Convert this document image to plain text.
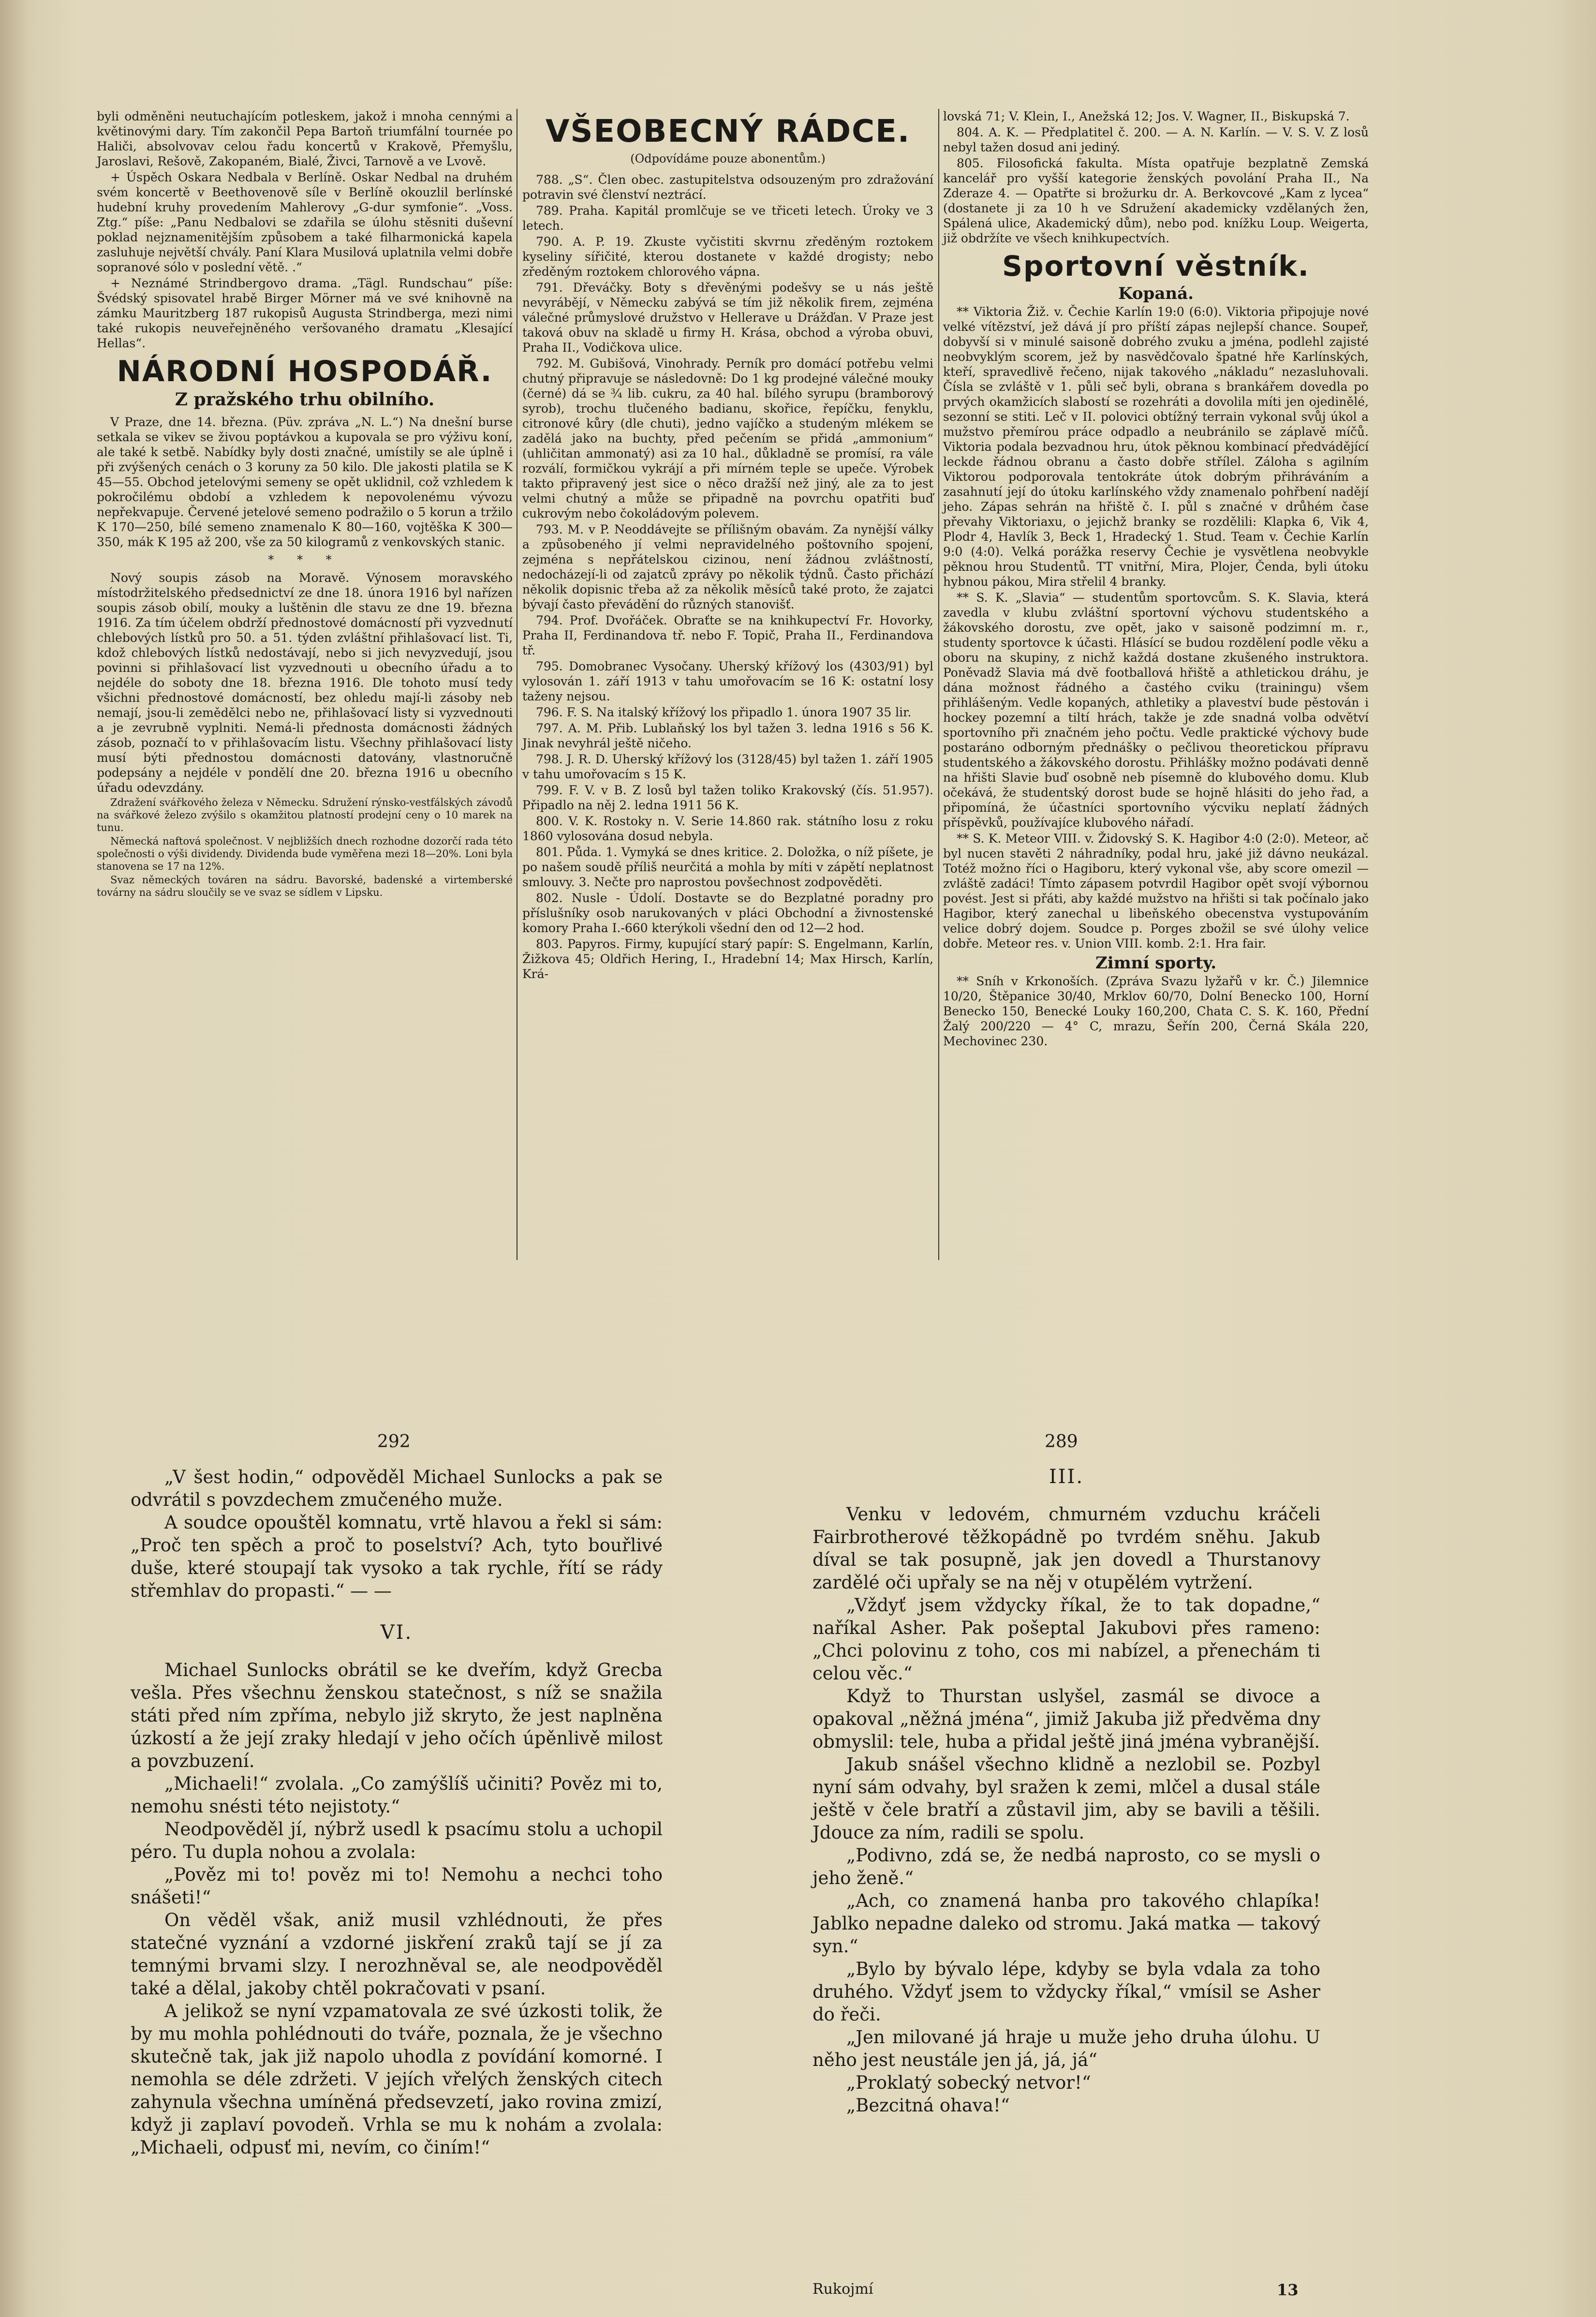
byli odměněni neutuchajícím potleskem, jakož i mnoha cennými a květinovými dary. Tím zakončil Pepa Bartoň triumfální tournée po Haliči, absolvovav celou řadu koncertů v Krakově, Přemyšlu, Jaroslavi, Rešově, Zakopaném, Bialé, Živci, Tarnově a ve Lvově.

+ Úspěch Oskara Nedbala v Berlíně. Oskar Nedbal na druhém svém koncertě v Beethovenově síle v Berlíně okouzlil berlínské hudební kruhy provedením Mahlerovy „G-dur symfonie“. „Voss. Ztg.“ píše: „Panu Nedbalovi se zdařila se úlohu stěsniti duševní poklad nejznamenitějším způsobem a také filharmonická kapela zasluhuje největší chvály. Paní Klara Musilová uplatnila velmi dobře sopranové sólo v poslední větě. .“

+ Neznámé Strindbergovo drama. „Tägl. Rundschau“ píše: Švédský spisovatel hrabě Birger Mörner má ve své knihovně na zámku Mauritzberg 187 rukopisů Augusta Strindberga, mezi nimi také rukopis neuveřejněného veršovaného dramatu „Klesající Hellas“.

NÁRODNÍ HOSPODÁŘ.
Z pražského trhu obilního.

V Praze, dne 14. března. (Püv. zpráva „N. L.“) Na dnešní burse setkala se vikev se živou poptávkou a kupovala se pro výživu koní, ale také k setbě. Nabídky byly dosti značné, umístily se ale úplně i při zvýšených cenách o 3 koruny za 50 kilo. Dle jakosti platila se K 45—55. Obchod jetelovými semeny se opět uklidnil, což vzhledem k pokročilému období a vzhledem k nepovolenému vývozu nepřekvapuje. Červené jetelové semeno podražilo o 5 korun a tržilo K 170—250, bílé semeno znamenalo K 80—160, vojtěška K 300—350, mák K 195 až 200, vše za 50 kilogramů z venkovských stanic.

* * *

Nový soupis zásob na Moravě. Výnosem moravského místodržitelského předsednictví ze dne 18. února 1916 byl nařízen soupis zásob obilí, mouky a luštěnin dle stavu ze dne 19. března 1916. Za tím účelem obdrží přednostové domácností při vyzvednutí chlebových lístků pro 50. a 51. týden zvláštní přihlašovací list. Ti, kdož chlebových lístků nedostávají, nebo si jich nevyzvedují, jsou povinni si přihlašovací list vyzvednouti u obecního úřadu a to nejdéle do soboty dne 18. března 1916. Dle tohoto musí tedy všichni přednostové domácností, bez ohledu mají-li zásoby neb nemají, jsou-li zemědělci nebo ne, přihlašovací listy si vyzvednouti a je zevrubně vyplniti. Nemá-li přednosta domácnosti žádných zásob, poznačí to v přihlašovacím listu. Všechny přihlašovací listy musí býti přednostou domácnosti datovány, vlastnoručně podepsány a nejdéle v pondělí dne 20. března 1916 u obecního úřadu odevzdány.

Zdražení svářkového železa v Německu. Sdružení rýnsko-vestfálských závodů na svářkové železo zvýšilo s okamžitou platností prodejní ceny o 10 marek na tunu.

Německá naftová společnost. V nejbližších dnech rozhodne dozorčí rada této společnosti o výši dividendy. Dividenda bude vyměřena mezi 18—20%. Loni byla stanovena se 17 na 12%.

Svaz německých továren na sádru. Bavorské, badenské a virtemberské továrny na sádru sloučily se ve svaz se sídlem v Lipsku.

VŠEOBECNÝ RÁDCE.
(Odpovídáme pouze abonentům.)

788. „S“. Člen obec. zastupitelstva odsouzeným pro zdražování potravin své členství neztrácí.

789. Praha. Kapitál promlčuje se ve třiceti letech. Úroky ve 3 letech.

790. A. P. 19. Zkuste vyčistiti skvrnu zředěným roztokem kyseliny sířičité, kterou dostanete v každé drogisty; nebo zředěným roztokem chlorového vápna.

791. Dřeváčky. Boty s dřevěnými podešvy se u nás ještě nevyrábějí, v Německu zabývá se tím již několik firem, zejména válečné průmyslové družstvo v Hellerave u Drážďan. V Praze jest taková obuv na skladě u firmy H. Krása, obchod a výroba obuvi, Praha II., Vodičkova ulice.

792. M. Gubišová, Vinohrady. Perník pro domácí potřebu velmi chutný připravuje se následovně: Do 1 kg prodejné válečné mouky (černé) dá se ¾ lib. cukru, za 40 hal. bílého syrupu (bramborový syrob), trochu tlučeného badianu, skořice, řepíčku, fenyklu, citronové kůry (dle chuti), jedno vajíčko a studeným mlékem se zadělá jako na buchty, před pečením se přidá „ammonium“ (uhličitan ammonatý) asi za 10 hal., důkladně se promísí, ra vále rozválí, formičkou vykrájí a při mírném teple se upeče. Výrobek takto připravený jest sice o něco dražší než jiný, ale za to jest velmi chutný a může se připadně na povrchu opatřiti buď cukrovým nebo čokoládovým polevem.

793. M. v P. Neoddávejte se přílišným obavám. Za nynější války a způsobeného jí velmi nepravidelného poštovního spojení, zejména s nepřátelskou cizinou, není žádnou zvláštností, nedocházejí-li od zajatců zprávy po několik týdnů. Často přichází několik dopisnic třeba až za několik měsíců také proto, že zajatci bývají často převádění do různých stanovišť.

794. Prof. Dvořáček. Obraťte se na knihkupectví Fr. Hovorky, Praha II, Ferdinandova tř. nebo F. Topič, Praha II., Ferdinandova tř.

795. Domobranec Vysočany. Uherský křížový los (4303/91) byl vylosován 1. září 1913 v tahu umořovacím se 16 K: ostatní losy taženy nejsou.

796. F. S. Na italský křížový los připadlo 1. února 1907 35 lir.

797. A. M. Přib. Lublaňský los byl tažen 3. ledna 1916 s 56 K. Jinak nevyhrál ještě ničeho.

798. J. R. D. Uherský křížový los (3128/45) byl tažen 1. září 1905 v tahu umořovacím s 15 K.

799. F. V. v B. Z losů byl tažen toliko Krakovský (čís. 51.957). Připadlo na něj 2. ledna 1911 56 K.

800. V. K. Rostoky n. V. Serie 14.860 rak. státního losu z roku 1860 vylosována dosud nebyla.

801. Půda. 1. Vymyká se dnes kritice. 2. Doložka, o níž píšete, je po našem soudě příliš neurčitá a mohla by míti v zápětí neplatnost smlouvy. 3. Nečte pro naprostou povšechnost zodpověděti.

802. Nusle - Údolí. Dostavte se do Bezplatné poradny pro příslušníky osob narukovaných v pláci Obchodní a živnostenské komory Praha I.-660 kterýkoli všední den od 12—2 hod.

803. Papyros. Firmy, kupující starý papír: S. Engelmann, Karlín, Žižkova 45; Oldřich Hering, I., Hradební 14; Max Hirsch, Karlín, Krá-

lovská 71; V. Klein, I., Anežská 12; Jos. V. Wagner, II., Biskupská 7.

804. A. K. — Předplatitel č. 200. — A. N. Karlín. — V. S. V. Z losů nebyl tažen dosud ani jediný.

805. Filosofická fakulta. Místa opatřuje bezplatně Zemská kancelář pro vyšší kategorie ženských povolání Praha II., Na Zderaze 4. — Opatřte si brožurku dr. A. Berkovcové „Kam z lycea“ (dostanete ji za 10 h ve Sdružení akademicky vzdělaných žen, Spálená ulice, Akademický dům), nebo pod. knížku Loup. Weigerta, již obdržíte ve všech knihkupectvích.

Sportovní věstník.
Kopaná.

** Viktoria Žiž. v. Čechie Karlín 19:0 (6:0). Viktoria připojuje nové velké vítězství, jež dává jí pro příští zápas nejlepší chance. Soupeř, dobyvší si v minulé saisoně dobrého zvuku a jména, podlehl zajisté neobvyklým scorem, jež by nasvědčovalo špatné hře Karlínských, kteří, spravedlivě řečeno, nijak takového „nákladu“ nezasluhovali. Čísla se zvláště v 1. půli seč byli, obrana s brankářem dovedla po prvých okamžicích slabostí se rozehráti a dovolila míti jen ojedinělé, sezonní se stiti. Leč v II. polovici obtížný terrain vykonal svůj úkol a mužstvo přemírou práce odpadlo a neubránilo se záplavě míčů. Viktoria podala bezvadnou hru, útok pěknou kombinací předvádějící leckde řádnou obranu a často dobře střílel. Záloha s agilním Viktorou podporovala tentokráte útok dobrým přihráváním a zasahnutí její do útoku karlínského vždy znamenalo pohřbení nadějí jeho. Zápas sehrán na hřiště č. I. půl s značné v drůhém čase převahy Viktoriaxu, o jejichž branky se rozdělili: Klapka 6, Vik 4, Plodr 4, Havlík 3, Beck 1, Hradecký 1. Stud. Team v. Čechie Karlín 9:0 (4:0). Velká porážka reservy Čechie je vysvětlena neobvykle pěknou hrou Studentů. TT vnitřní, Mira, Plojer, Čenda, byli útoku hybnou pákou, Mira střelil 4 branky.

** S. K. „Slavia“ — studentům sportovcům. S. K. Slavia, která zavedla v klubu zvláštní sportovní výchovu studentského a žákovského dorostu, zve opět, jako v saisoně podzimní m. r., studenty sportovce k účasti. Hlásící se budou rozdělení podle věku a oboru na skupiny, z nichž každá dostane zkušeného instruktora. Poněvadž Slavia má dvě footballová hřiště a athletickou dráhu, je dána možnost řádného a častého cviku (trainingu) všem přihlášeným. Vedle kopaných, athletiky a plaveství bude pěstován i hockey pozemní a tiltí hrách, takže je zde snadná volba odvětví sportovního při značném jeho počtu. Vedle praktické výchovy bude postaráno odborným přednášky o pečlivou theoretickou přípravu studentského a žákovského dorostu. Přihlášky možno podávati denně na hřišti Slavie buď osobně neb písemně do klubového domu. Klub očekává, že studentský dorost bude se hojně hlásiti do jeho řad, a připomíná, že účastníci sportovního výcviku neplatí žádných příspěvků, používajíce klubového nářadí.

** S. K. Meteor VIII. v. Židovský S. K. Hagibor 4:0 (2:0). Meteor, ač byl nucen stavěti 2 náhradníky, podal hru, jaké již dávno neukázal. Totéž možno říci o Hagiboru, který vykonal vše, aby score omezil — zvláště zadáci! Tímto zápasem potvrdil Hagibor opět svojí výbornou povést. Jest si přáti, aby každé mužstvo na hřišti si tak počínalo jako Hagibor, který zanechal u libeňského obecenstva vystupováním velice dobrý dojem. Soudce p. Porges zbožil se své úlohy velice dobře. Meteor res. v. Union VIII. komb. 2:1. Hra fair.

Zimní sporty.

** Sníh v Krkonoších. (Zpráva Svazu lyžařů v kr. Č.) Jilemnice 10/20, Štěpanice 30/40, Mrklov 60/70, Dolní Benecko 100, Horní Benecko 150, Benecké Louky 160,200, Chata C. S. K. 160, Přední Žalý 200/220 — 4° C, mrazu, Šeřín 200, Černá Skála 220, Mechovinec 230.

292	289

„V šest hodin,“ odpověděl Michael Sunlocks a pak se odvrátil s povzdechem zmučeného muže.

A soudce opouštěl komnatu, vrtě hlavou a řekl si sám: „Proč ten spěch a proč to poselství? Ach, tyto bouřlivé duše, které stoupají tak vysoko a tak rychle, řítí se rády střemhlav do propasti.“ — —

VI.

Michael Sunlocks obrátil se ke dveřím, když Grecba vešla. Přes všechnu ženskou statečnost, s níž se snažila státi před ním zpříma, nebylo již skryto, že jest naplněna úzkostí a že její zraky hledají v jeho očích úpěnlivě milost a povzbuzení.

„Michaeli!“ zvolala. „Co zamýšlíš učiniti? Pověz mi to, nemohu snésti této nejistoty.“

Neodpověděl jí, nýbrž usedl k psacímu stolu a uchopil péro. Tu dupla nohou a zvolala:

„Pověz mi to! pověz mi to! Nemohu a nechci toho snášeti!“

On věděl však, aniž musil vzhlédnouti, že přes statečné vyznání a vzdorné jiskření zraků tají se jí za temnými brvami slzy. I nerozhněval se, ale neodpověděl také a dělal, jakoby chtěl pokračovati v psaní.

A jelikož se nyní vzpamatovala ze své úzkosti tolik, že by mu mohla pohlédnouti do tváře, poznala, že je všechno skutečně tak, jak již napolo uhodla z povídání komorné. I nemohla se déle zdržeti. V jejích vřelých ženských citech zahynula všechna umíněná předsevzetí, jako rovina zmizí, když ji zaplaví povodeň. Vrhla se mu k nohám a zvolala: „Michaeli, odpusť mi, nevím, co činím!“

III.

Venku v ledovém, chmurném vzduchu kráčeli Fairbrotherové těžkopádně po tvrdém sněhu. Jakub díval se tak posupně, jak jen dovedl a Thurstanovy zardělé oči upřaly se na něj v otupělém vytržení.

„Vždyť jsem vždycky říkal, že to tak dopadne,“ naříkal Asher. Pak pošeptal Jakubovi přes rameno: „Chci polovinu z toho, cos mi nabízel, a přenechám ti celou věc.“

Když to Thurstan uslyšel, zasmál se divoce a opakoval „něžná jména“, jimiž Jakuba již předvěma dny obmyslil: tele, huba a přidal ještě jiná jména vybranější.

Jakub snášel všechno klidně a nezlobil se. Pozbyl nyní sám odvahy, byl sražen k zemi, mlčel a dusal stále ještě v čele bratří a zůstavil jim, aby se bavili a těšili. Jdouce za ním, radili se spolu.

„Podivno, zdá se, že nedbá naprosto, co se mysli o jeho ženě.“

„Ach, co znamená hanba pro takového chlapíka! Jablko nepadne daleko od stromu. Jaká matka — takový syn.“

„Bylo by bývalo lépe, kdyby se byla vdala za toho druhého. Vždyť jsem to vždycky říkal,“ vmísil se Asher do řeči.

„Jen milované já hraje u muže jeho druha úlohu. U něho jest neustále jen já, já, já“

„Proklatý sobecký netvor!“

„Bezcitná ohava!“

Rukojmí	13
